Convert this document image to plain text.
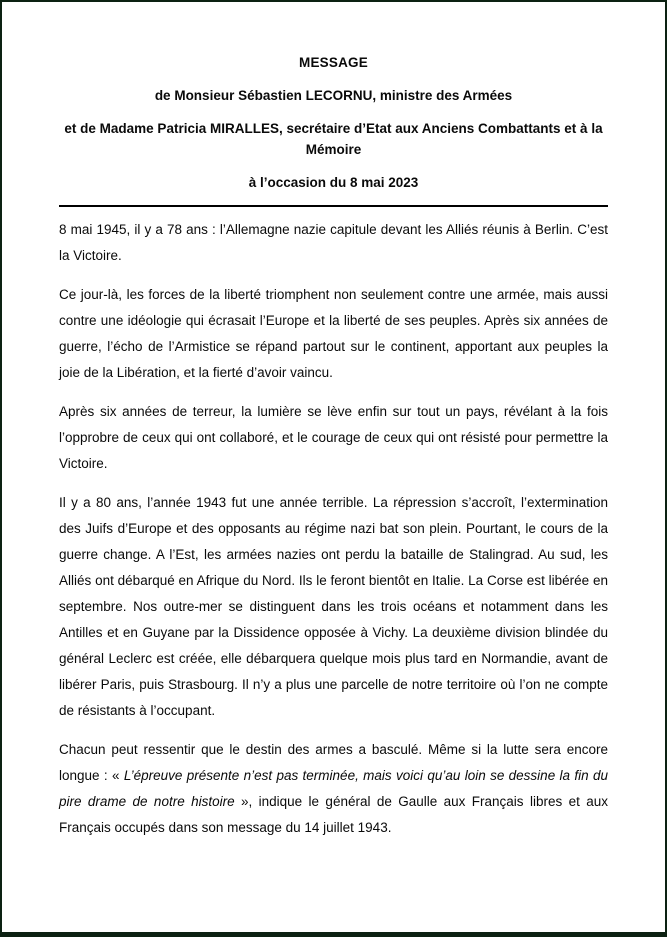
MESSAGE

de Monsieur Sébastien LECORNU, ministre des Armées

et de Madame Patricia MIRALLES, secrétaire d’Etat aux Anciens Combattants et à la Mémoire

à l’occasion du 8 mai 2023

8 mai 1945, il y a 78 ans : l’Allemagne nazie capitule devant les Alliés réunis à Berlin. C’est la Victoire.

Ce jour-là, les forces de la liberté triomphent non seulement contre une armée, mais aussi contre une idéologie qui écrasait l’Europe et la liberté de ses peuples. Après six années de guerre, l’écho de l’Armistice se répand partout sur le continent, apportant aux peuples la joie de la Libération, et la fierté d’avoir vaincu.

Après six années de terreur, la lumière se lève enfin sur tout un pays, révélant à la fois l’opprobre de ceux qui ont collaboré, et le courage de ceux qui ont résisté pour permettre la Victoire.

Il y a 80 ans, l’année 1943 fut une année terrible. La répression s’accroît, l’extermination des Juifs d’Europe et des opposants au régime nazi bat son plein. Pourtant, le cours de la guerre change. A l’Est, les armées nazies ont perdu la bataille de Stalingrad. Au sud, les Alliés ont débarqué en Afrique du Nord. Ils le feront bientôt en Italie. La Corse est libérée en septembre. Nos outre-mer se distinguent dans les trois océans et notamment dans les Antilles et en Guyane par la Dissidence opposée à Vichy. La deuxième division blindée du général Leclerc est créée, elle débarquera quelque mois plus tard en Normandie, avant de libérer Paris, puis Strasbourg. Il n’y a plus une parcelle de notre territoire où l’on ne compte de résistants à l’occupant.

Chacun peut ressentir que le destin des armes a basculé. Même si la lutte sera encore longue : « L’épreuve présente n’est pas terminée, mais voici qu’au loin se dessine la fin du pire drame de notre histoire », indique le général de Gaulle aux Français libres et aux Français occupés dans son message du 14 juillet 1943.
